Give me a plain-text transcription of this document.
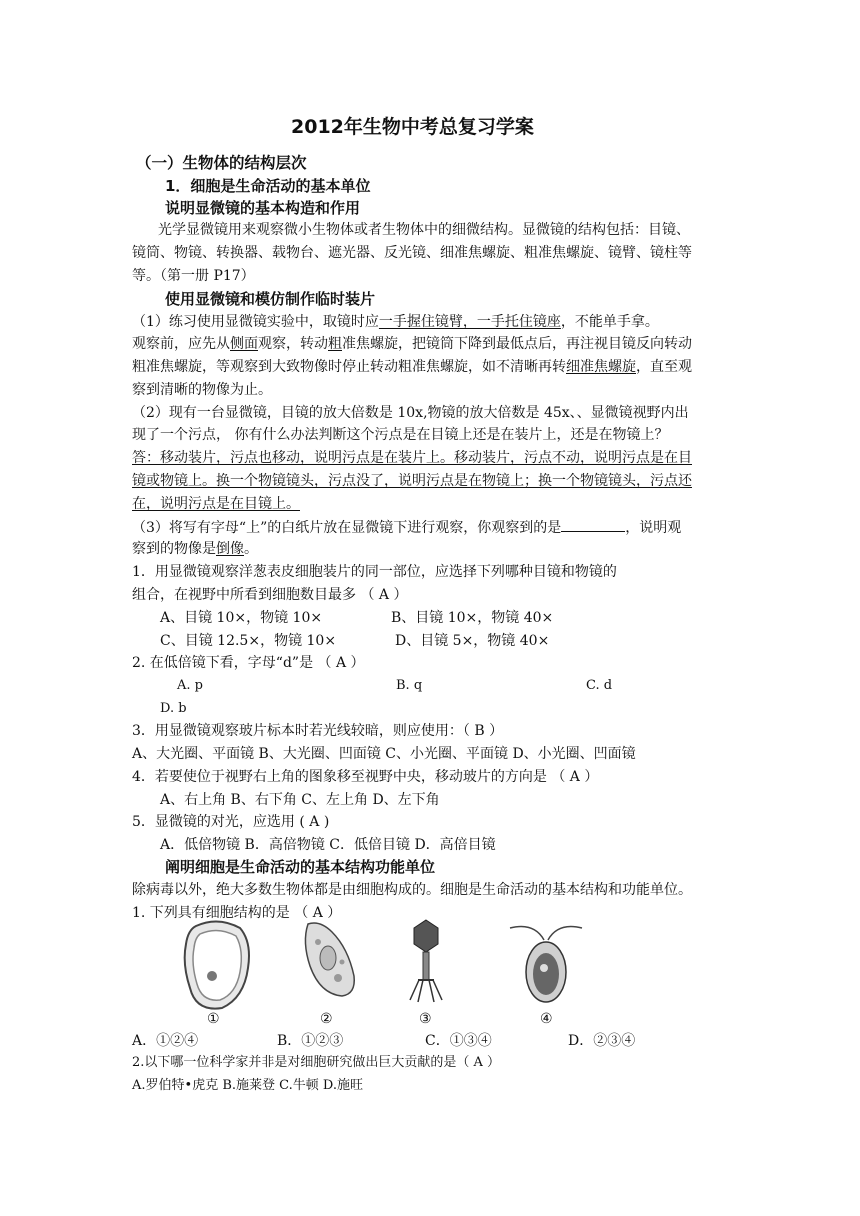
2012年生物中考总复习学案
（一）生物体的结构层次
1．细胞是生命活动的基本单位
说明显微镜的基本构造和作用
光学显微镜用来观察微小生物体或者生物体中的细微结构。显微镜的结构包括：目镜、
镜筒、物镜、转换器、载物台、遮光器、反光镜、细准焦螺旋、粗准焦螺旋、镜臂、镜柱等
等。（第一册 P17）
使用显微镜和模仿制作临时装片
（1）练习使用显微镜实验中，取镜时应一手握住镜臂，一手托住镜座，不能单手拿。
观察前，应先从侧面观察，转动粗准焦螺旋，把镜筒下降到最低点后，再注视目镜反向转动
粗准焦螺旋，等观察到大致物像时停止转动粗准焦螺旋，如不清晰再转细准焦螺旋，直至观
察到清晰的物像为止。
（2）现有一台显微镜，目镜的放大倍数是 10x,物镜的放大倍数是 45x、、显微镜视野内出
现了一个污点， 你有什么办法判断这个污点是在目镜上还是在装片上，还是在物镜上？
答：移动装片，污点也移动，说明污点是在装片上。移动装片，污点不动，说明污点是在目
镜或物镜上。换一个物镜镜头，污点没了，说明污点是在物镜上；换一个物镜镜头，污点还
在，说明污点是在目镜上。
（3）将写有字母“上”的白纸片放在显微镜下进行观察，你观察到的是	，说明观
察到的物像是倒像。
1．用显微镜观察洋葱表皮细胞装片的同一部位，应选择下列哪种目镜和物镜的
组合，在视野中所看到细胞数目最多 （ A ）
A、目镜 10×，物镜 10×	B、目镜 10×，物镜 40×
C、目镜 12.5×，物镜 10×	D、目镜 5×，物镜 40×
2. 在低倍镜下看，字母“d”是 （ A ）
A. p	B. q	C. d
D. b
3．用显微镜观察玻片标本时若光线较暗，则应使用：（ B ）
A、大光圈、平面镜 B、大光圈、凹面镜 C、小光圈、平面镜 D、小光圈、凹面镜
4．若要使位于视野右上角的图象移至视野中央，移动玻片的方向是 （ A ）
A、右上角 B、右下角 C、左上角 D、左下角
5．显微镜的对光，应选用 ( A )
A．低倍物镜 B．高倍物镜 C．低倍目镜 D．高倍目镜
阐明细胞是生命活动的基本结构功能单位
除病毒以外，绝大多数生物体都是由细胞构成的。细胞是生命活动的基本结构和功能单位。
1. 下列具有细胞结构的是 （ A ）
①	②	③	④
A．①②④	B．①②③	C．①③④	D．②③④
2.以下哪一位科学家并非是对细胞研究做出巨大贡献的是（ A ）
A.罗伯特•虎克 B.施莱登 C.牛顿 D.施旺
